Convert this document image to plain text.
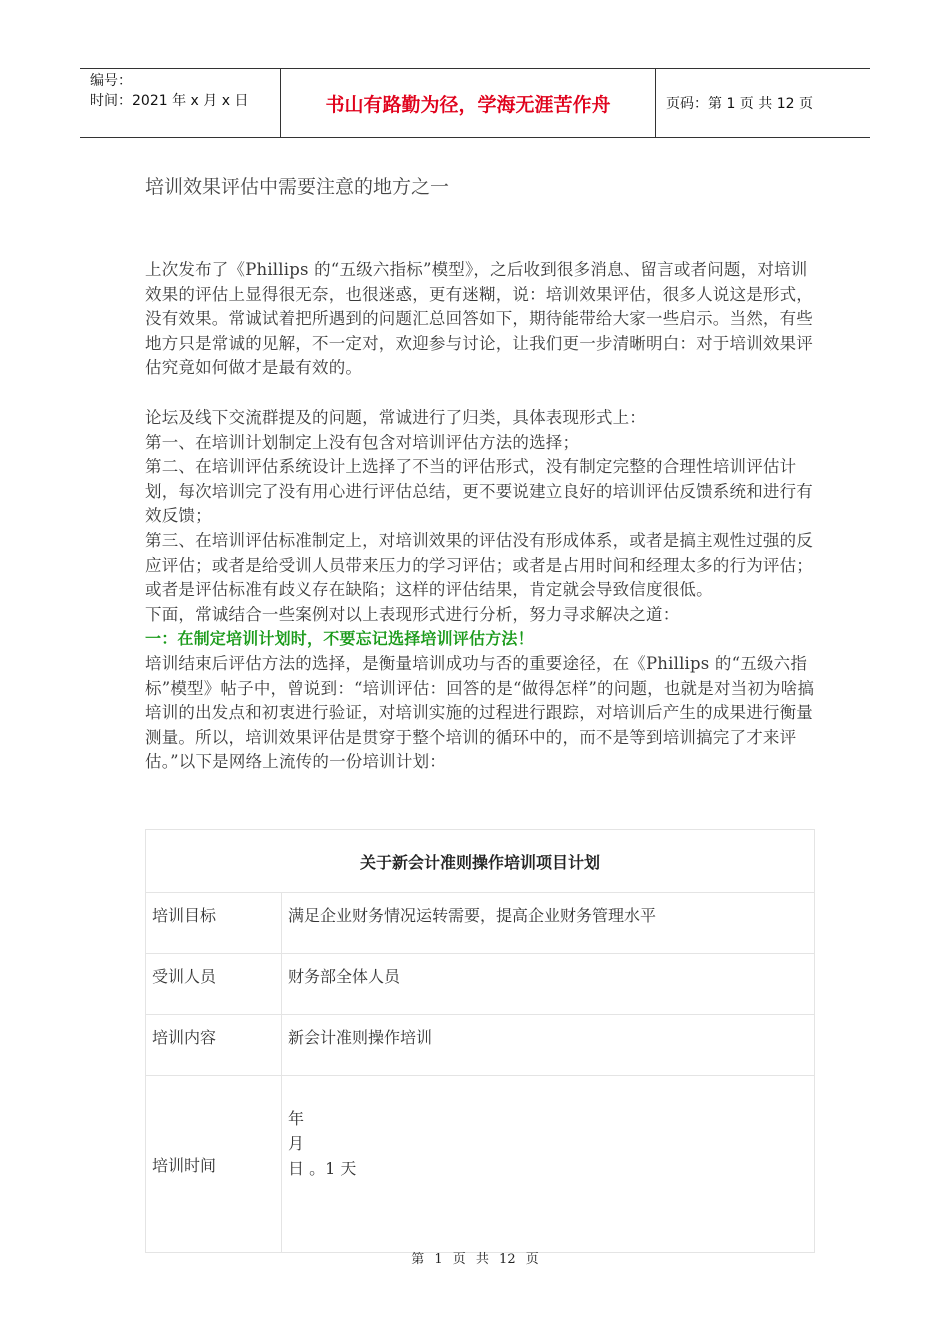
编号：
时间：2021 年 x 月 x 日	书山有路勤为径，学海无涯苦作舟	页码：第 1 页 共 12 页
培训效果评估中需要注意的地方之一
上次发布了《Phillips 的“五级六指标”模型》，之后收到很多消息、留言或者问题，对培训效果的评估上显得很无奈，也很迷惑，更有迷糊，说：培训效果评估，很多人说这是形式，没有效果。常诚试着把所遇到的问题汇总回答如下，期待能带给大家一些启示。当然，有些地方只是常诚的见解，不一定对，欢迎参与讨论，让我们更一步清晰明白：对于培训效果评估究竟如何做才是最有效的。
论坛及线下交流群提及的问题，常诚进行了归类，具体表现形式上：
第一、在培训计划制定上没有包含对培训评估方法的选择；
第二、在培训评估系统设计上选择了不当的评估形式，没有制定完整的合理性培训评估计划，每次培训完了没有用心进行评估总结，更不要说建立良好的培训评估反馈系统和进行有效反馈；
第三、在培训评估标准制定上，对培训效果的评估没有形成体系，或者是搞主观性过强的反应评估；或者是给受训人员带来压力的学习评估；或者是占用时间和经理太多的行为评估；或者是评估标准有歧义存在缺陷；这样的评估结果，肯定就会导致信度很低。
下面，常诚结合一些案例对以上表现形式进行分析，努力寻求解决之道：
一：在制定培训计划时，不要忘记选择培训评估方法！
培训结束后评估方法的选择，是衡量培训成功与否的重要途径，在《Phillips 的“五级六指标”模型》帖子中，曾说到：“培训评估：回答的是“做得怎样”的问题，也就是对当初为啥搞培训的出发点和初衷进行验证，对培训实施的过程进行跟踪，对培训后产生的成果进行衡量测量。所以，培训效果评估是贯穿于整个培训的循环中的，而不是等到培训搞完了才来评估。”以下是网络上流传的一份培训计划：
关于新会计准则操作培训项目计划	
培训目标	满足企业财务情况运转需要，提高企业财务管理水平
受训人员	财务部全体人员
培训内容	新会计准则操作培训
培训时间	年
月
日 。1 天
第 1 页 共 12 页
